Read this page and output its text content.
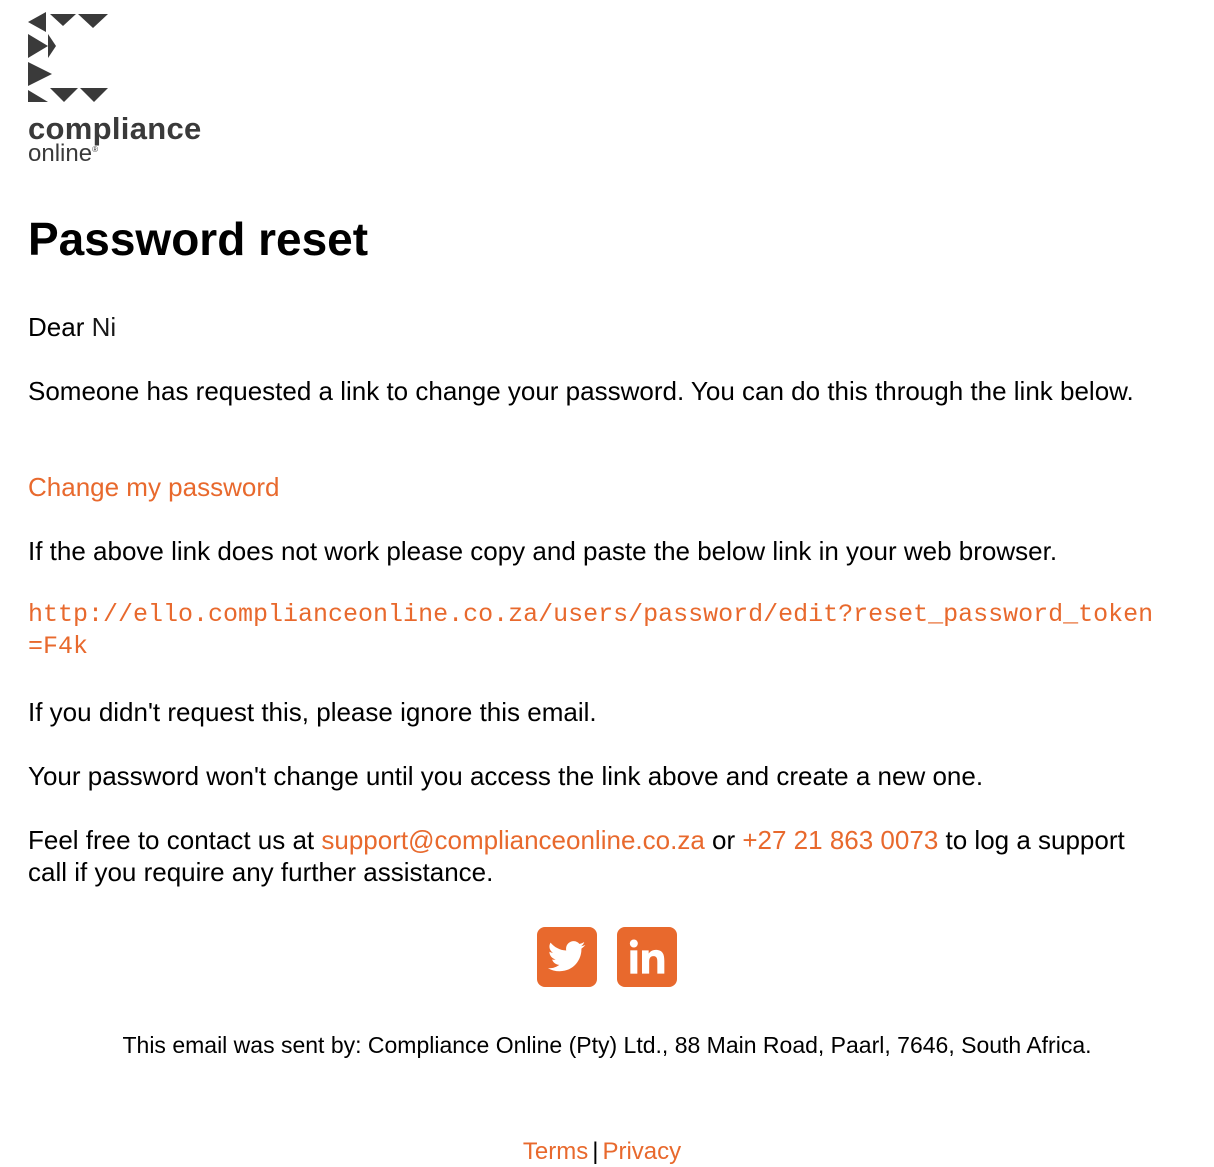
compliance
online®
Password reset

Dear Ni

Someone has requested a link to change your password. You can do this through the link below.

Change my password

If the above link does not work please copy and paste the below link in your web browser.

http://ello.complianceonline.co.za/users/password/edit?reset_password_token=F4k

If you didn't request this, please ignore this email.

Your password won't change until you access the link above and create a new one.

Feel free to contact us at support@complianceonline.co.za or +27 21 863 0073 to log a support call if you require any further assistance.

This email was sent by: Compliance Online (Pty) Ltd., 88 Main Road, Paarl, 7646, South Africa.
Terms | Privacy
